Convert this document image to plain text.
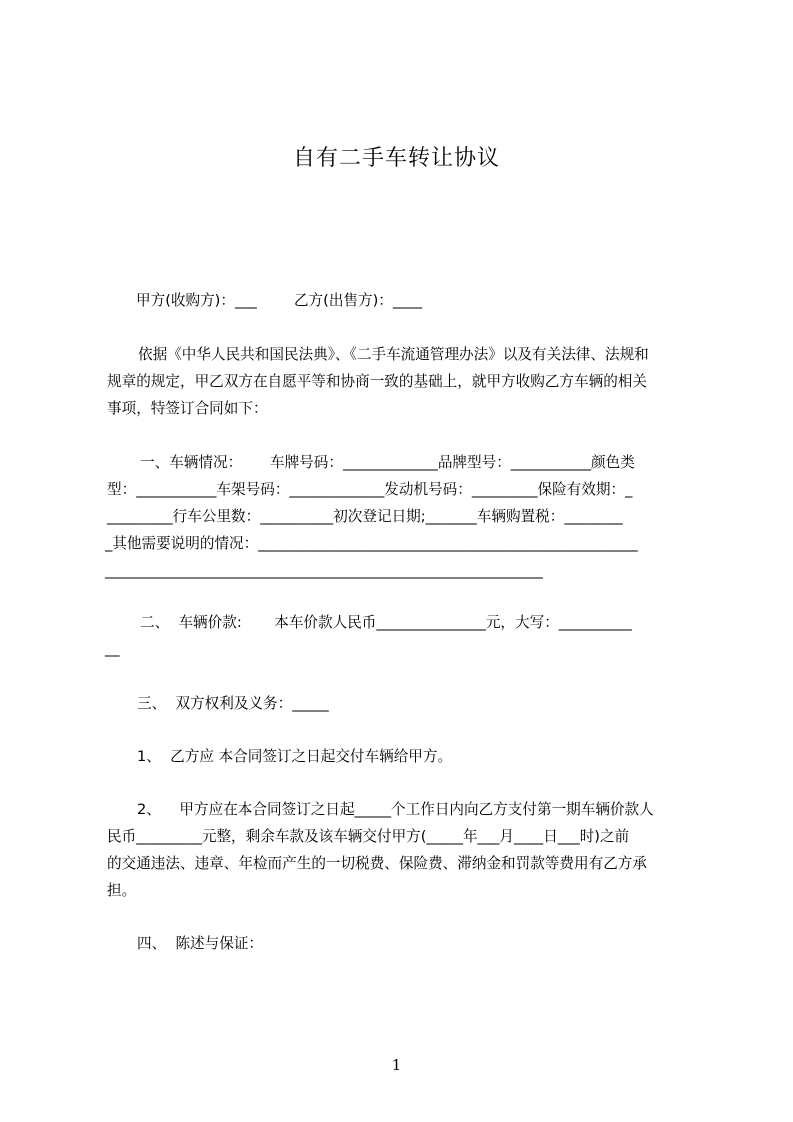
自有二手车转让协议
甲方(收购方)：___        乙方(出售方)：____
依据《中华人民共和国民法典》、《二手车流通管理办法》以及有关法律、法规和
规章的规定，甲乙双方在自愿平等和协商一致的基础上，就甲方收购乙方车辆的相关
事项，特签订合同如下：
一、车辆情况：      车牌号码：_____________品牌型号：___________颜色类
型：___________车架号码：_____________发动机号码：_________保险有效期：_
_________行车公里数：__________初次登记日期;_______车辆购置税：________
_其他需要说明的情况：____________________________________________________
____________________________________________________________
二、  车辆价款:       本车价款人民币_______________元，大写：__________
__
三、  双方权利及义务：_____
1、  乙方应 本合同签订之日起交付车辆给甲方。
2、    甲方应在本合同签订之日起_____个工作日内向乙方支付第一期车辆价款人
民币_________元整，剩余车款及该车辆交付甲方(_____年___月____日___时)之前
的交通违法、违章、年检而产生的一切税费、保险费、滞纳金和罚款等费用有乙方承
担。
四、  陈述与保证：
1
